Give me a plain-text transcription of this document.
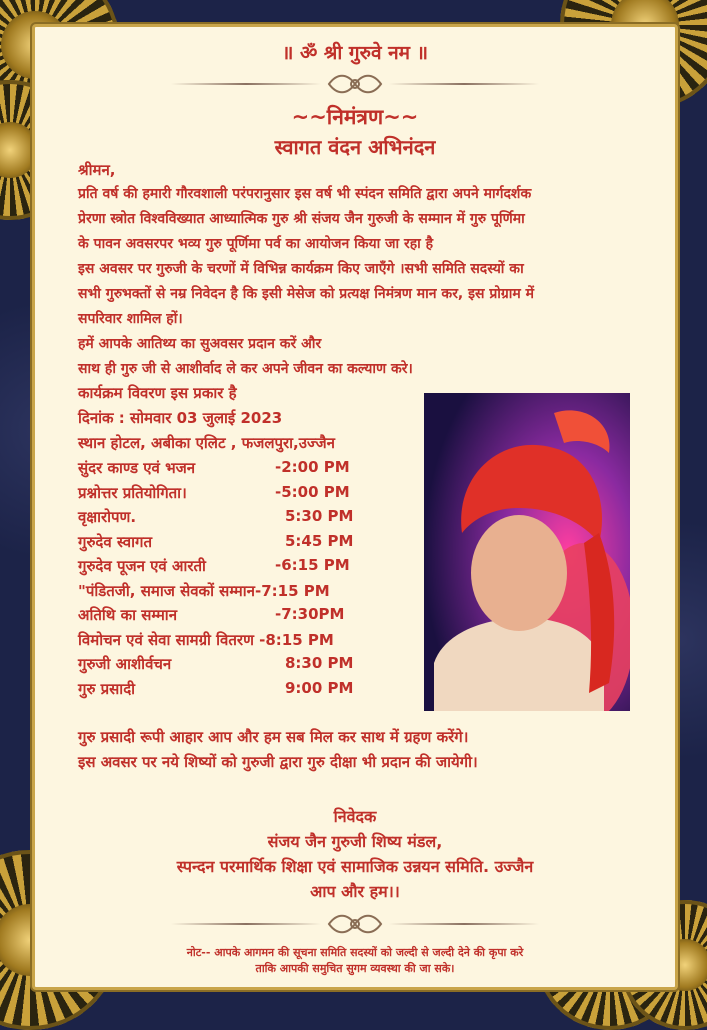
॥ ॐ श्री गुरुवे नम ॥
~~निमंत्रण~~
स्वागत वंदन अभिनंदन
श्रीमन,
प्रति वर्ष की हमारी गौरवशाली परंपरानुसार इस वर्ष भी स्पंदन समिति द्वारा अपने मार्गदर्शक
प्रेरणा स्त्रोत विश्वविख्यात आध्यात्मिक गुरु श्री संजय जैन गुरुजी के सम्मान में गुरु पूर्णिमा
के पावन अवसरपर भव्य गुरु पूर्णिमा पर्व का आयोजन किया जा रहा है
इस अवसर पर गुरुजी के चरणों में विभिन्न कार्यक्रम किए जाएँगे ।सभी समिति सदस्यों का
सभी गुरुभक्तों से नम्र निवेदन है कि इसी मेसेज को प्रत्यक्ष निमंत्रण मान कर, इस प्रोग्राम में
सपरिवार शामिल हों।
हमें आपके आतिथ्य का सुअवसर प्रदान करें और
साथ ही गुरु जी से आशीर्वाद ले कर अपने जीवन का कल्याण करे।
कार्यक्रम विवरण इस प्रकार है
दिनांक : सोमवार 03 जुलाई 2023
स्थान होटल, अबीका एलिट , फजलपुरा,उज्जैन
सुंदर काण्ड एवं भजन	-2:00 PM
प्रश्नोत्तर प्रतियोगिता।	-5:00 PM
वृक्षारोपण.	5:30 PM
गुरुदेव स्वागत	5:45 PM
गुरुदेव पूजन एवं आरती	-6:15 PM
"पंडितजी, समाज सेवकों सम्मान-7:15 PM
अतिथि का सम्मान	-7:30PM
विमोचन एवं सेवा सामग्री वितरण -8:15 PM
गुरुजी आशीर्वचन	8:30 PM
गुरु प्रसादी	9:00 PM
गुरु प्रसादी रूपी आहार आप और हम सब मिल कर साथ में ग्रहण करेंगे।
इस अवसर पर नये शिष्यों को गुरुजी द्वारा गुरु दीक्षा भी प्रदान की जायेगी।
निवेदक
संजय जैन गुरुजी शिष्य मंडल,
स्पन्दन परमार्थिक शिक्षा एवं सामाजिक उन्नयन समिति. उज्जैन
आप और हम।।
नोट-- आपके आगमन की सूचना समिति सदस्यों को जल्दी से जल्दी देने की कृपा करे
ताकि आपकी समुचित सुगम व्यवस्था की जा सके।
